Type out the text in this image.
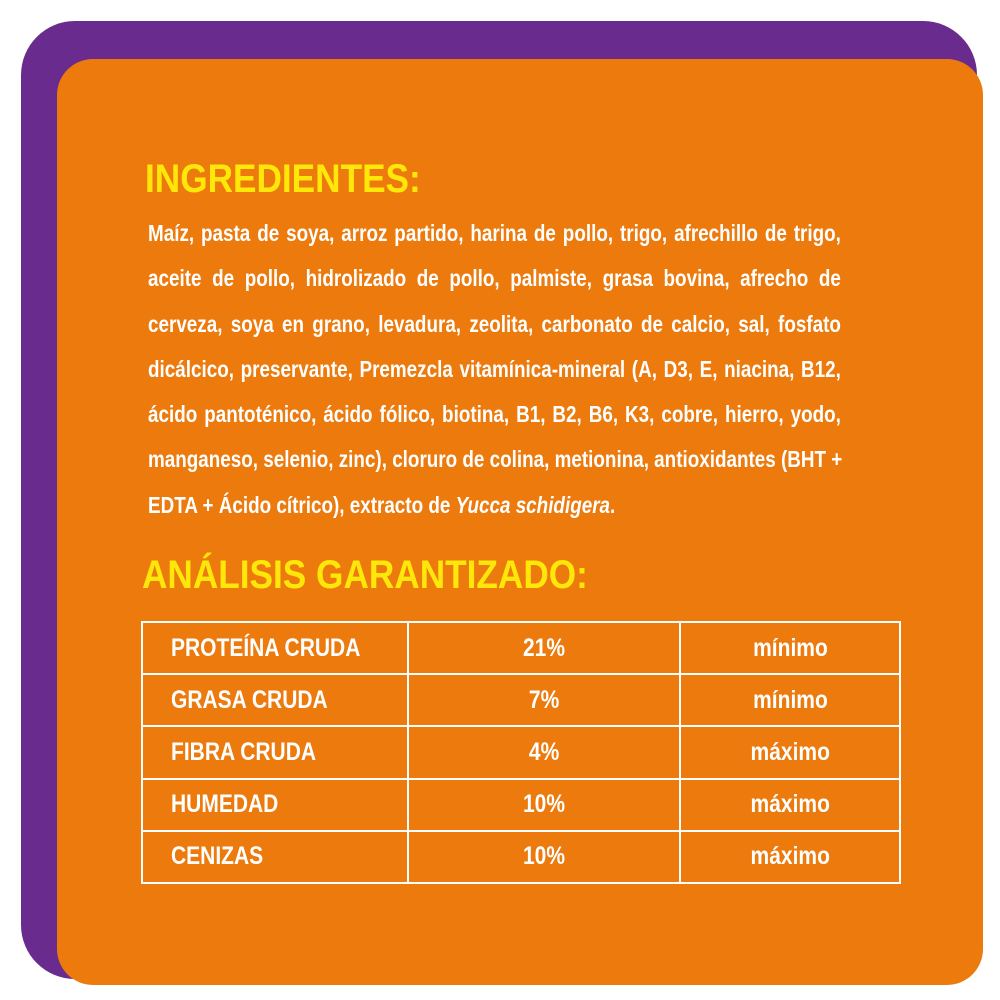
INGREDIENTES:
Maíz, pasta de soya, arroz partido, harina de pollo, trigo, afrechillo de trigo,
aceite de pollo, hidrolizado de pollo, palmiste, grasa bovina, afrecho de
cerveza, soya en grano, levadura, zeolita, carbonato de calcio, sal, fosfato
dicálcico, preservante, Premezcla vitamínica-mineral (A, D3, E, niacina, B12,
ácido pantoténico, ácido fólico, biotina, B1, B2, B6, K3, cobre, hierro, yodo,
manganeso, selenio, zinc), cloruro de colina, metionina, antioxidantes (BHT +
EDTA + Ácido cítrico), extracto de Yucca schidigera.
ANÁLISIS GARANTIZADO:
PROTEÍNA CRUDA	21%	mínimo
GRASA CRUDA	7%	mínimo
FIBRA CRUDA	4%	máximo
HUMEDAD	10%	máximo
CENIZAS	10%	máximo
